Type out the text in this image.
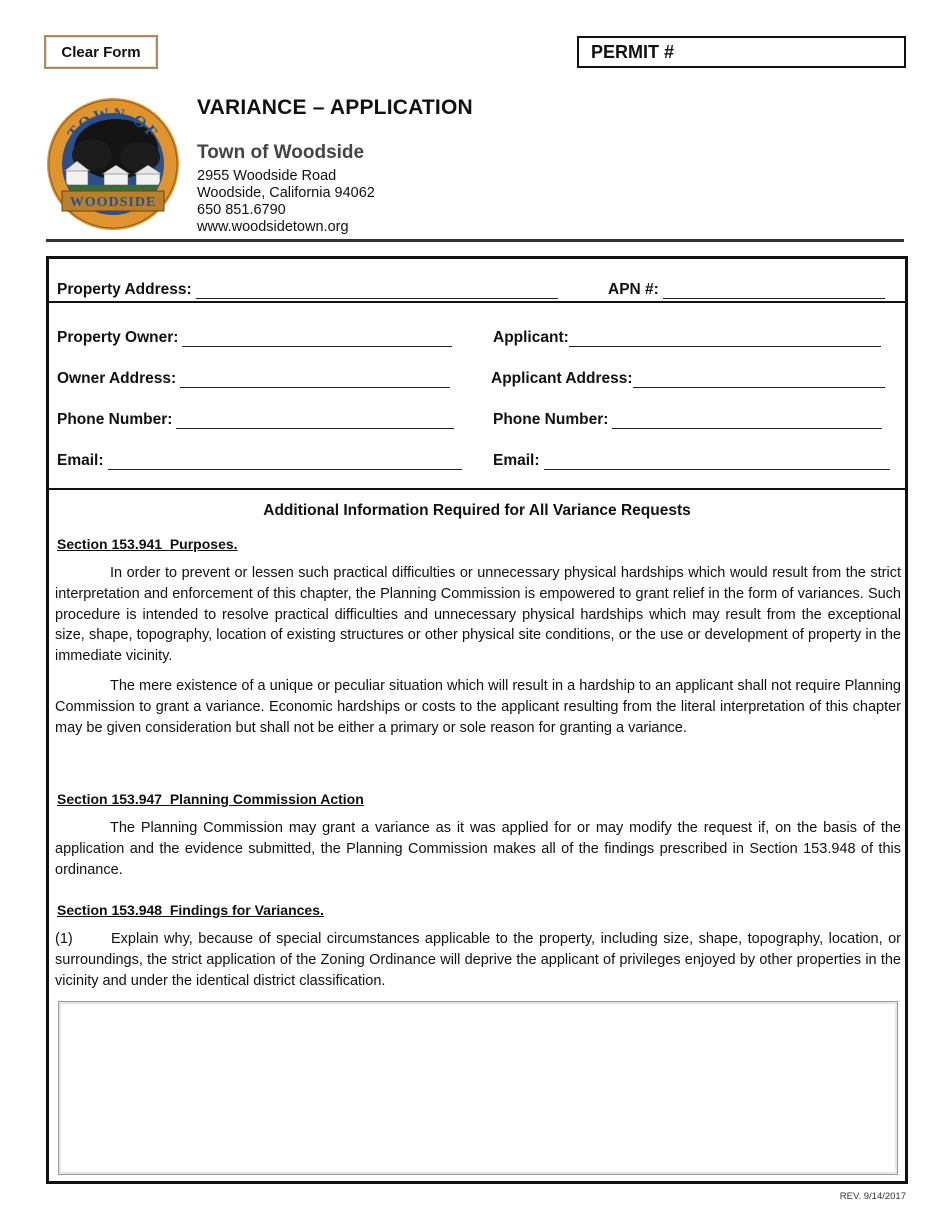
Clear Form	PERMIT #
TOWN OF
WOODSIDE
VARIANCE – APPLICATION
Town of Woodside
2955 Woodside Road
Woodside, California 94062
650 851.6790
www.woodsidetown.org
Property Address:	APN #:
Property Owner:	Applicant:
Owner Address:	Applicant Address:
Phone Number:	Phone Number:
Email:	Email:
Additional Information Required for All Variance Requests
Section 153.941 Purposes.
In order to prevent or lessen such practical difficulties or unnecessary physical hardships which would result from the strict interpretation and enforcement of this chapter, the Planning Commission is empowered to grant relief in the form of variances. Such procedure is intended to resolve practical difficulties and unnecessary physical hardships which may result from the exceptional size, shape, topography, location of existing structures or other physical site conditions, or the use or development of property in the immediate vicinity.
The mere existence of a unique or peculiar situation which will result in a hardship to an applicant shall not require Planning Commission to grant a variance. Economic hardships or costs to the applicant resulting from the literal interpretation of this chapter may be given consideration but shall not be either a primary or sole reason for granting a variance.
Section 153.947 Planning Commission Action
The Planning Commission may grant a variance as it was applied for or may modify the request if, on the basis of the application and the evidence submitted, the Planning Commission makes all of the findings prescribed in Section 153.948 of this ordinance.
Section 153.948 Findings for Variances.
(1)	Explain why, because of special circumstances applicable to the property, including size, shape, topography, location, or surroundings, the strict application of the Zoning Ordinance will deprive the applicant of privileges enjoyed by other properties in the vicinity and under the identical district classification.
REV. 9/14/2017
